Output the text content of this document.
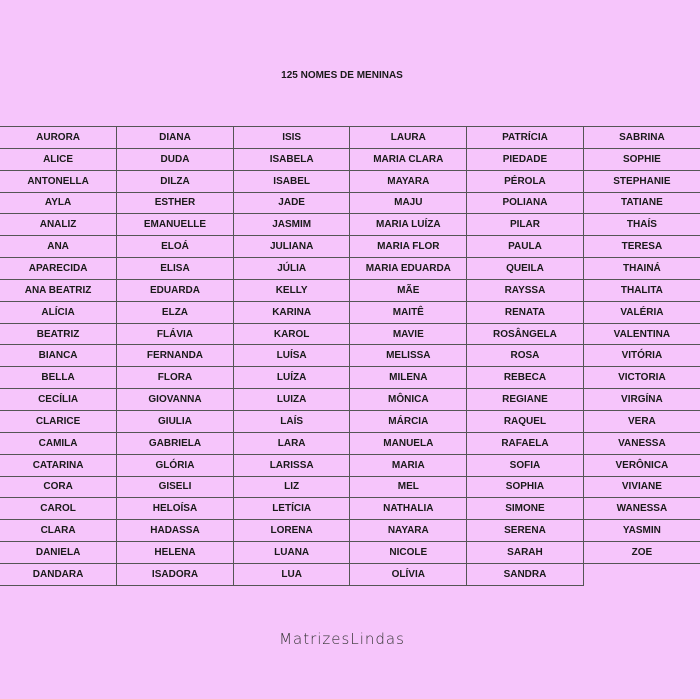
125 NOMES DE MENINAS
AURORA	DIANA	ISIS	LAURA	PATRÍCIA	SABRINA
ALICE	DUDA	ISABELA	MARIA CLARA	PIEDADE	SOPHIE
ANTONELLA	DILZA	ISABEL	MAYARA	PÉROLA	STEPHANIE
AYLA	ESTHER	JADE	MAJU	POLIANA	TATIANE
ANALIZ	EMANUELLE	JASMIM	MARIA LUÍZA	PILAR	THAÍS
ANA	ELOÁ	JULIANA	MARIA FLOR	PAULA	TERESA
APARECIDA	ELISA	JÚLIA	MARIA EDUARDA	QUEILA	THAINÁ
ANA BEATRIZ	EDUARDA	KELLY	MÃE	RAYSSA	THALITA
ALÍCIA	ELZA	KARINA	MAITÊ	RENATA	VALÉRIA
BEATRIZ	FLÁVIA	KAROL	MAVIE	ROSÂNGELA	VALENTINA
BIANCA	FERNANDA	LUÍSA	MELISSA	ROSA	VITÓRIA
BELLA	FLORA	LUÍZA	MILENA	REBECA	VICTORIA
CECÍLIA	GIOVANNA	LUIZA	MÔNICA	REGIANE	VIRGÍNA
CLARICE	GIULIA	LAÍS	MÁRCIA	RAQUEL	VERA
CAMILA	GABRIELA	LARA	MANUELA	RAFAELA	VANESSA
CATARINA	GLÓRIA	LARISSA	MARIA	SOFIA	VERÔNICA
CORA	GISELI	LIZ	MEL	SOPHIA	VIVIANE
CAROL	HELOÍSA	LETÍCIA	NATHALIA	SIMONE	WANESSA
CLARA	HADASSA	LORENA	NAYARA	SERENA	YASMIN
DANIELA	HELENA	LUANA	NICOLE	SARAH	ZOE
DANDARA	ISADORA	LUA	OLÍVIA	SANDRA	
MatrizesLindas
